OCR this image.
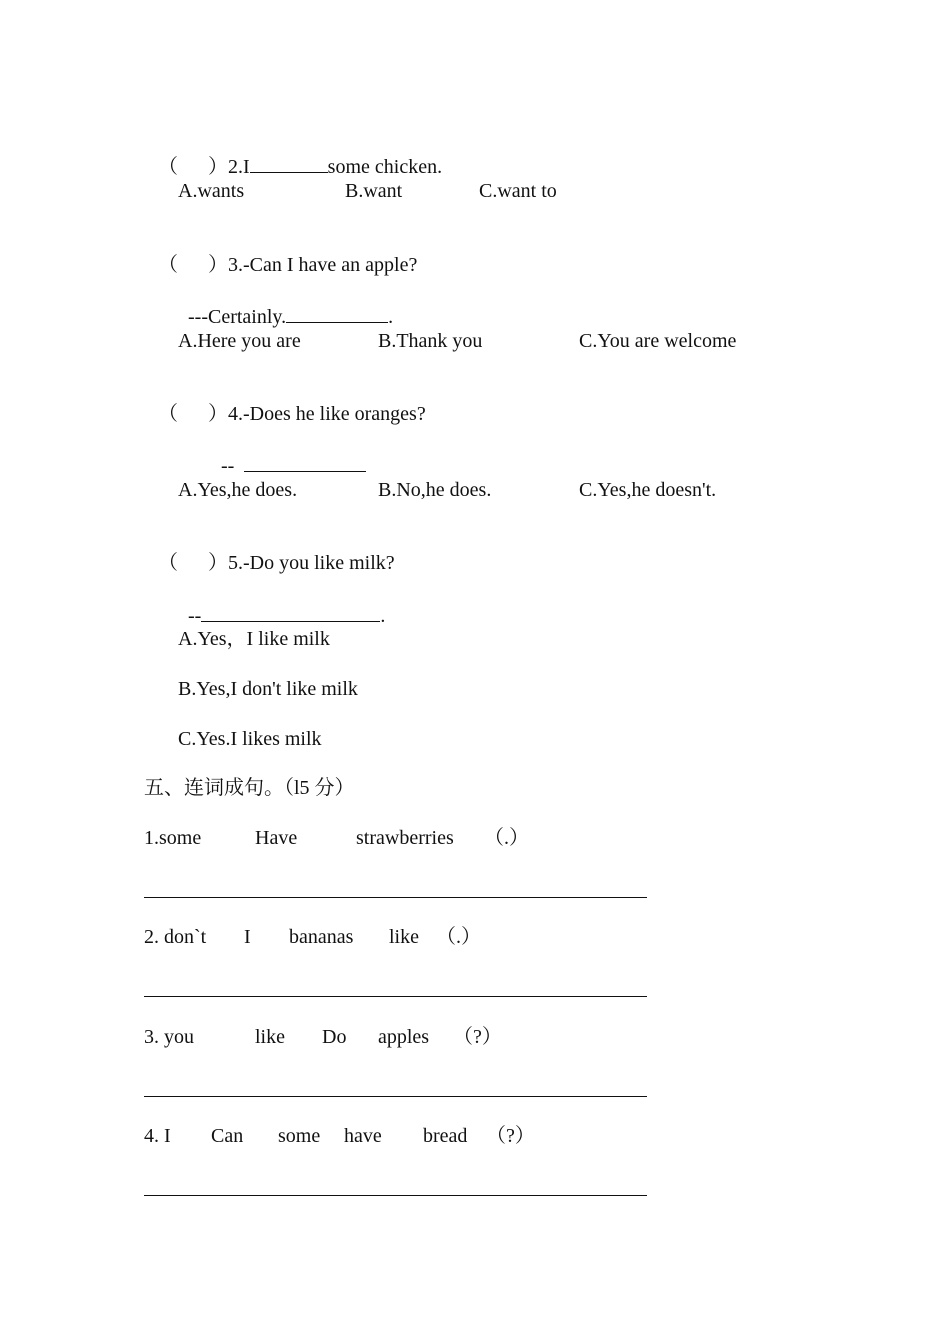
（ ）2.I	some chicken.

A.wants	B.want	C.want to

（ ）3.-Can I have an apple?

---Certainly.	.

A.Here you are	B.Thank you	C.You are welcome

（ ）4.-Does he like oranges?

--

A.Yes,he does.	B.No,he does.	C.Yes,he doesn't.

（ ）5.-Do you like milk?

--	.

A.Yes，I like milk
B.Yes,I don't like milk
C.Yes.I likes milk
五、连词成句。（l5 分）
1.some	Have	strawberries （.）
2. don`t I bananas like （.）
3. you	like Do apples （?）
4. I Can some have bread （?）
